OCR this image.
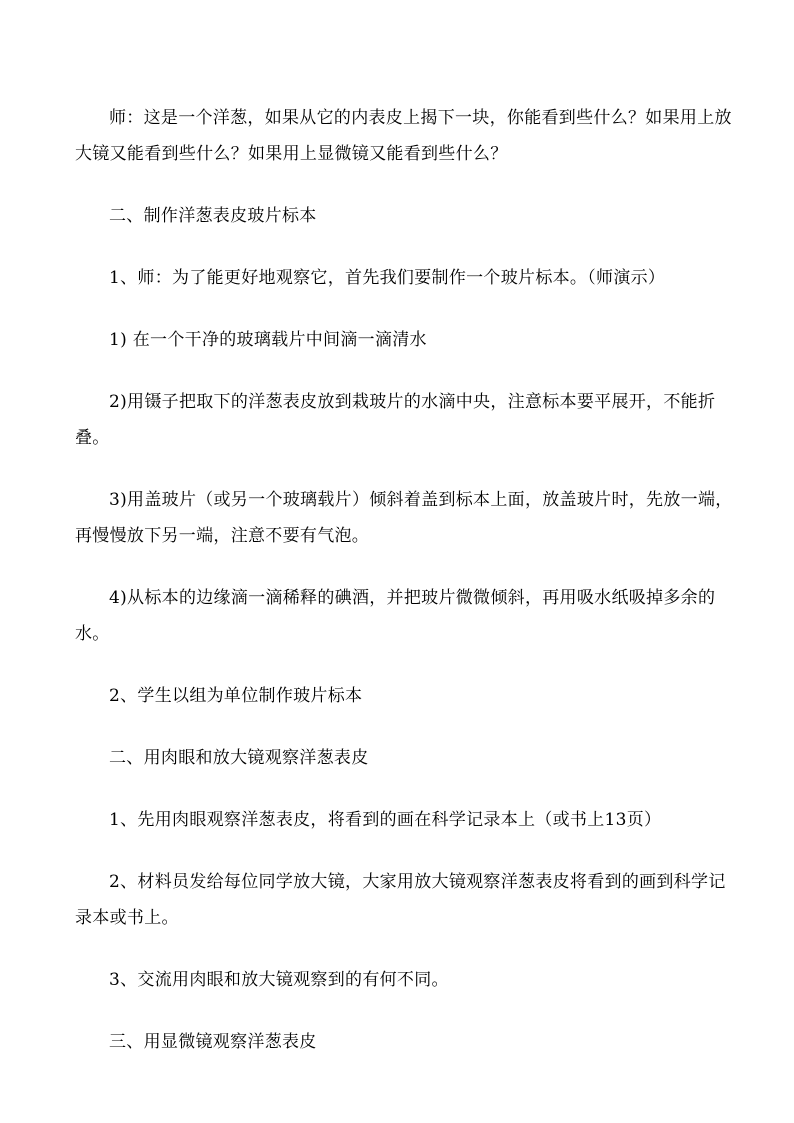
师：这是一个洋葱，如果从它的内表皮上揭下一块，你能看到些什么？如果用上放大镜又能看到些什么？如果用上显微镜又能看到些什么？

二、制作洋葱表皮玻片标本

1、师：为了能更好地观察它，首先我们要制作一个玻片标本。（师演示）

1) 在一个干净的玻璃载片中间滴一滴清水

2)用镊子把取下的洋葱表皮放到栽玻片的水滴中央，注意标本要平展开，不能折叠。

3)用盖玻片（或另一个玻璃载片）倾斜着盖到标本上面，放盖玻片时，先放一端，再慢慢放下另一端，注意不要有气泡。

4)从标本的边缘滴一滴稀释的碘酒，并把玻片微微倾斜，再用吸水纸吸掉多余的水。

2、学生以组为单位制作玻片标本

二、用肉眼和放大镜观察洋葱表皮

1、先用肉眼观察洋葱表皮，将看到的画在科学记录本上（或书上13页）

2、材料员发给每位同学放大镜，大家用放大镜观察洋葱表皮将看到的画到科学记录本或书上。

3、交流用肉眼和放大镜观察到的有何不同。

三、用显微镜观察洋葱表皮
